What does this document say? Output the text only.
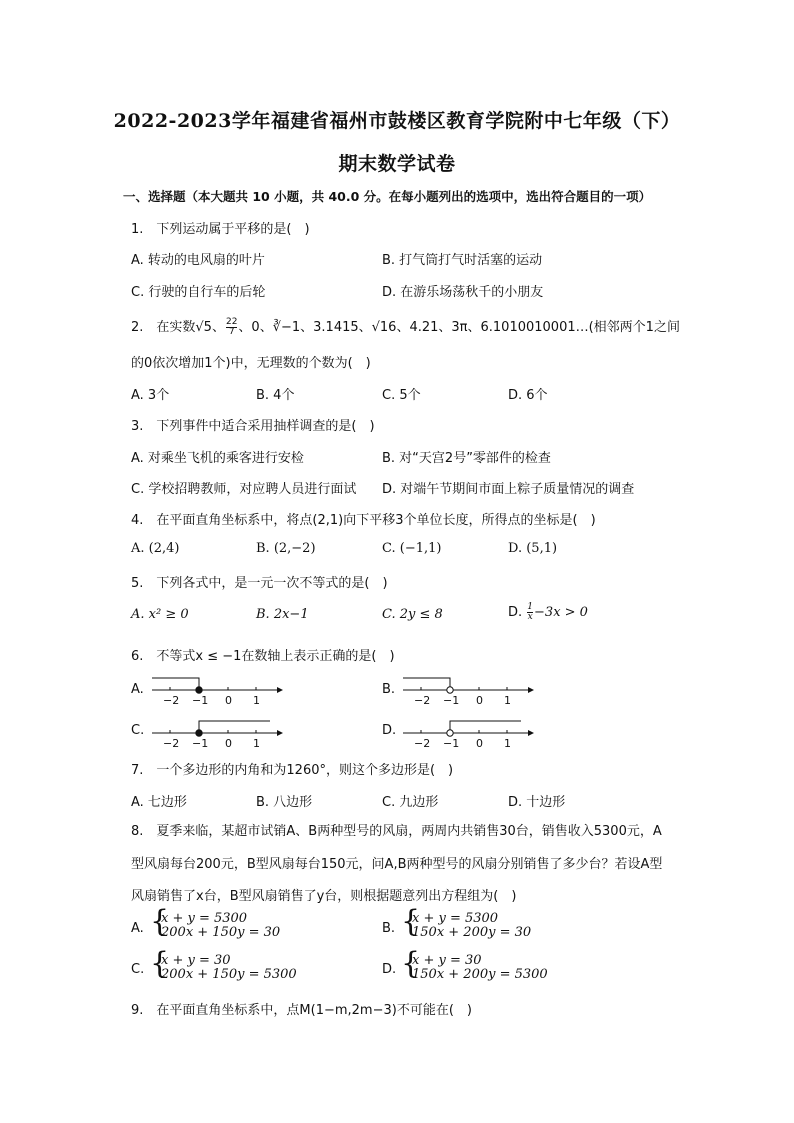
2022-2023学年福建省福州市鼓楼区教育学院附中七年级（下）
期末数学试卷
一、选择题（本大题共 10 小题，共 40.0 分。在每小题列出的选项中，选出符合题目的一项）
1.　下列运动属于平移的是(　)
A. 转动的电风扇的叶片	B. 打气筒打气时活塞的运动
C. 行驶的自行车的后轮	D. 在游乐场荡秋千的小朋友
2.　在实数√5、 $\frac{22}{7}$ 、0、∛−1、3.1415、√16、4.21、3π、6.1010010001…(相邻两个1之间
的0依次增加1个)中，无理数的个数为(　)
A. 3个	B. 4个	C. 5个	D. 6个
3.　下列事件中适合采用抽样调查的是(　)
A. 对乘坐飞机的乘客进行安检	B. 对“天宫2号”零部件的检查
C. 学校招聘教师，对应聘人员进行面试 D. 对端午节期间市面上粽子质量情况的调查
4.　在平面直角坐标系中，将点(2,1)向下平移3个单位长度，所得点的坐标是(　)
A. (2,4)	B. (2,−2)	C. (−1,1)	D. (5,1)
5.　下列各式中，是一元一次不等式的是(　)
A. x² ≥ 0	B. 2x−1	C. 2y ≤ 8	D. $\frac{1}{x} -3x > 0$
6.　不等式x ≤ −1在数轴上表示正确的是(　)
A.
−2 −1 0 1
B.
−2 −1 0 1
C.
−2 −1 0 1
D.
−2 −1 0 1
7.　一个多边形的内角和为1260°，则这个多边形是(　)
A. 七边形	B. 八边形	C. 九边形	D. 十边形
8.　夏季来临，某超市试销A、B两种型号的风扇，两周内共销售30台，销售收入5300元，A
型风扇每台200元，B型风扇每台150元，问A,B两种型号的风扇分别销售了多少台？若设A型
风扇销售了x台，B型风扇销售了y台，则根据题意列出方程组为(　)
A. {
x + y = 5300
200x + 150y = 30	B. {
x + y = 5300
150x + 200y = 30
C. {
x + y = 30
200x + 150y = 5300	D. {
x + y = 30
150x + 200y = 5300
9.　在平面直角坐标系中，点M(1−m,2m−3)不可能在(　)
